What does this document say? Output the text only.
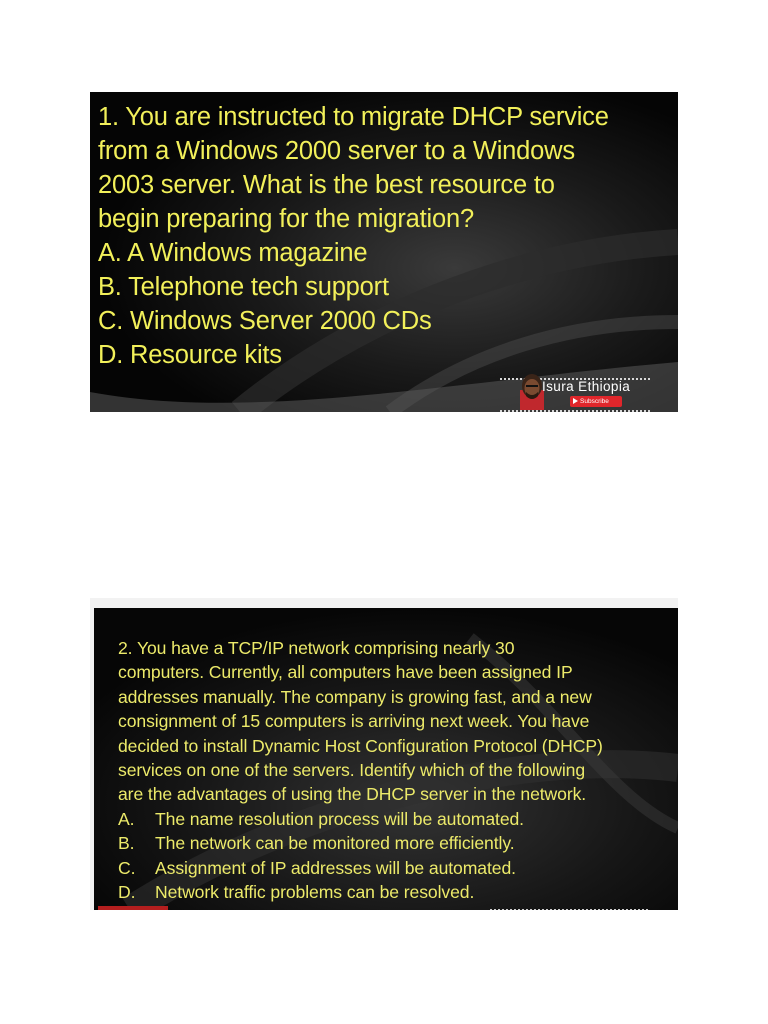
1. You are instructed to migrate DHCP service
from a Windows 2000 server to a Windows
2003 server. What is the best resource to
begin preparing for the migration?
A. A Windows magazine
B. Telephone tech support
C. Windows Server 2000 CDs
D. Resource kits
Isura Ethiopia
Subscribe
2. You have a TCP/IP network comprising nearly 30
computers. Currently, all computers have been assigned IP
addresses manually. The company is growing fast, and a new
consignment of 15 computers is arriving next week. You have
decided to install Dynamic Host Configuration Protocol (DHCP)
services on one of the servers. Identify which of the following
are the advantages of using the DHCP server in the network.
A. The name resolution process will be automated.
B. The network can be monitored more efficiently.
C. Assignment of IP addresses will be automated.
D. Network traffic problems can be resolved.
